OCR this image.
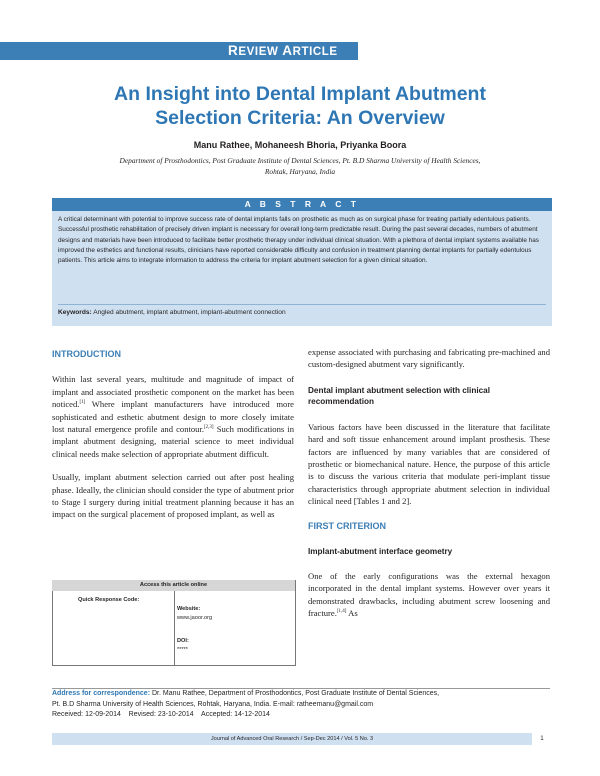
REVIEW ARTICLE
An Insight into Dental Implant Abutment
Selection Criteria: An Overview
Manu Rathee, Mohaneesh Bhoria, Priyanka Boora
Department of Prosthodontics, Post Graduate Institute of Dental Sciences, Pt. B.D Sharma University of Health Sciences,
Rohtak, Haryana, India
A B S T R A C T
A critical determinant with potential to improve success rate of dental implants falls on prosthetic as much as on surgical phase for treating partially edentulous patients. Successful prosthetic rehabilitation of precisely driven implant is necessary for overall long-term predictable result. During the past several decades, numbers of abutment designs and materials have been introduced to facilitate better prosthetic therapy under individual clinical situation. With a plethora of dental implant systems available has improved the esthetics and functional results, clinicians have reported considerable difficulty and confusion in treatment planning dental implants for partially edentulous patients. This article aims to integrate information to address the criteria for implant abutment selection for a given clinical situation.
Keywords: Angled abutment, implant abutment, implant-abutment connection
INTRODUCTION

Within last several years, multitude and magnitude of impact of implant and associated prosthetic component on the market has been noticed.[1] Where implant manufacturers have introduced more sophisticated and esthetic abutment design to more closely imitate lost natural emergence profile and contour.[2,3] Such modifications in implant abutment designing, material science to meet individual clinical needs make selection of appropriate abutment difficult.

Usually, implant abutment selection carried out after post healing phase. Ideally, the clinician should consider the type of abutment prior to Stage I surgery during initial treatment planning because it has an impact on the surgical placement of proposed implant, as well as

Access this article online
Quick Response Code:
Website:
www.jaoor.org
DOI:
*****

expense associated with purchasing and fabricating pre-machined and custom-designed abutment vary significantly.

Dental implant abutment selection with clinical
recommendation

Various factors have been discussed in the literature that facilitate hard and soft tissue enhancement around implant prosthesis. These factors are influenced by many variables that are considered of prosthetic or biomechanical nature. Hence, the purpose of this article is to discuss the various criteria that modulate peri-implant tissue characteristics through appropriate abutment selection in individual clinical need [Tables 1 and 2].

FIRST CRITERION
Implant-abutment interface geometry

One of the early configurations was the external hexagon incorporated in the dental implant systems. However over years it demonstrated drawbacks, including abutment screw loosening and fracture.[1,4] As

Address for correspondence: Dr. Manu Rathee, Department of Prosthodontics, Post Graduate Institute of Dental Sciences,
Pt. B.D Sharma University of Health Sciences, Rohtak, Haryana, India. E-mail: ratheemanu@gmail.com
Received: 12-09-2014    Revised: 23-10-2014    Accepted: 14-12-2014
Journal of Advanced Oral Research / Sep-Dec 2014 / Vol. 5 No. 3	1
